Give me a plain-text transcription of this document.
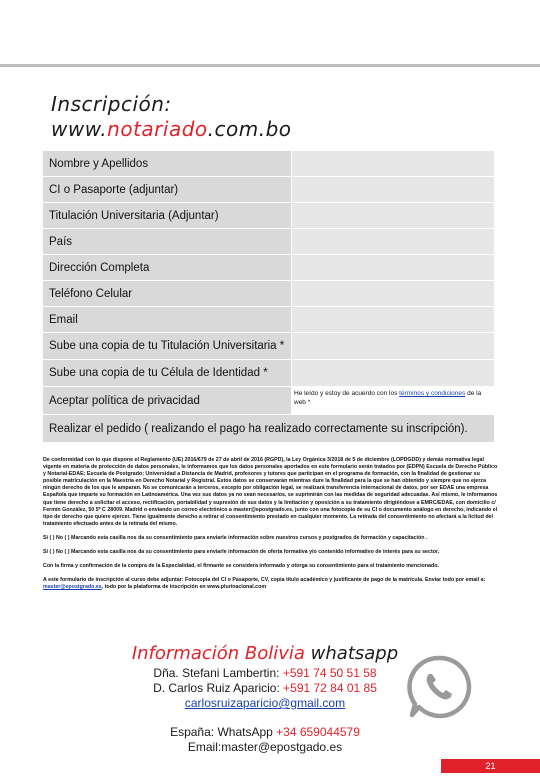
Inscripción:
www.notariado.com.bo
Nombre y Apellidos
CI o Pasaporte (adjuntar)
Titulación Universitaria (Adjuntar)
País
Dirección Completa
Teléfono Celular
Email
Sube una copia de tu Titulación Universitaria *
Sube una copia de tu Célula de Identidad *
Aceptar política de privacidad
He leído y estoy de acuerdo con los términos y condiciones de la web *
Realizar el pedido ( realizando el pago ha realizado correctamente su inscripción).

De conformidad con lo que dispone el Reglamento (UE) 2016/679 de 27 de abril de 2016 (RGPD), la Ley Orgánica 3/2018 de 5 de diciembre (LOPDGDD) y demás normativa legal vigente en materia de protección de datos personales, le informamos que los datos personales aportados en este formulario serán tratados por (EDPN) Escuela de Derecho Público y Notarial-EDAE; Escuela de Postgrado; Universidad a Distancia de Madrid, profesores y tutores que participan en el programa de formación, con la finalidad de gestionar su posible matriculación en la Maestría en Derecho Notarial y Registral. Estos datos se conservarán mientras dure la finalidad para la que se han obtenido y siempre que no ejerza ningún derecho de los que le amparan. No se comunicarán a terceros, excepto por obligación legal, se realizará transferencia internacional de datos, por ser EDAE una empresa Española que imparte su formación en Latinoamérica. Una vez sus datos ya no sean necesarios, se suprimirán con las medidas de seguridad adecuadas. Así mismo, le informamos que tiene derecho a solicitar el acceso, rectificación, portabilidad y supresión de sus datos y la limitación y oposición a su tratamiento dirigiéndose a EMRC/EDAE, con domicilio c/ Fermín González, 50 5º C 28009. Madrid o enviando un correo electrónico a master@epostgrado.es, junto con una fotocopia de su CI o documento análogo en derecho, indicando el tipo de derecho que quiere ejercer. Tiene igualmente derecho a retirar el consentimiento prestado en cualquier momento. La retirada del consentimiento no afectará a la licitud del tratamiento efectuado antes de la retirada del mismo.

Sí ( ) No ( ) Marcando esta casilla nos da su consentimiento para enviarle información sobre nuestros cursos y postgrados de formación y capacitación .

Sí ( ) No ( ) Marcando esta casilla nos da su consentimiento para enviarle información de oferta formativa y/o contenido informativo de interés para su sector.

Con la firma y confirmación de la compra de la Especialidad, el firmante se considera informado y otorga su consentimiento para el tratamiento mencionado.

A este formulario de inscripción al curso debe adjuntar: Fotocopia del CI o Pasaporte, CV, copia título académico y justificante de pago de la matrícula. Enviar todo por email a: master@epostgrado.es, todo por la plataforma de inscripción en www.plurinacional.com

Información Bolivia whatsapp
Dña. Stefani Lambertin: +591 74 50 51 58
D. Carlos Ruiz Aparicio: +591 72 84 01 85
carlosruizaparicio@gmail.com
España: WhatsApp +34 659044579
Email:master@epostgado.es
21
